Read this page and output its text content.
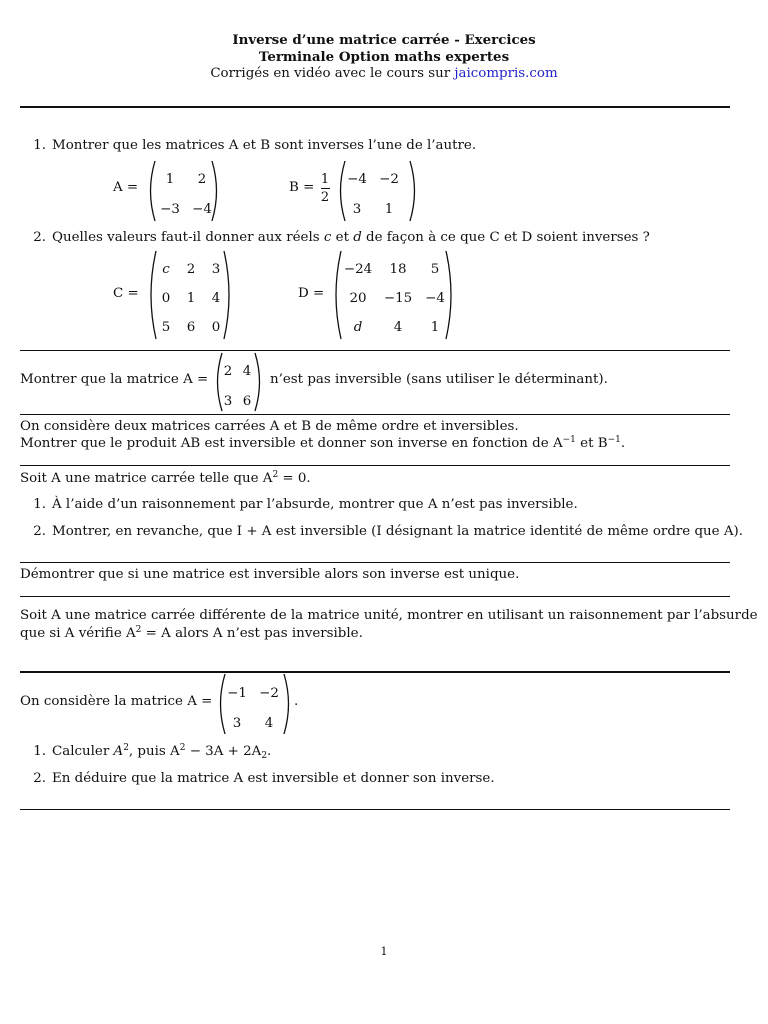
Inverse d’une matrice carrée - Exercices
Terminale Option maths expertes
Corrigés en vidéo avec le cours sur jaicompris.com
1. Montrer que les matrices A et B sont inverses l’une de l’autre.
A =
1	2
−3 −4
B =
1
2
−4 −2
3	1
2. Quelles valeurs faut-il donner aux réels c et d de façon à ce que C et D soient inverses ?
C =
c	2	3
0	1	4
5	6	0
D =
−24	18	5
20	−15 −4
d	4	1
Montrer que la matrice A =
2 4
3 6
n’est pas inversible (sans utiliser le déterminant).
On considère deux matrices carrées A et B de même ordre et inversibles.
Montrer que le produit AB est inversible et donner son inverse en fonction de $A^{-1}$ et $B^{-1}$.
Soit A une matrice carrée telle que $A^2 = 0$.
1. À l’aide d’un raisonnement par l’absurde, montrer que A n’est pas inversible.
2. Montrer, en revanche, que I + A est inversible (I désignant la matrice identité de même ordre que A).
Démontrer que si une matrice est inversible alors son inverse est unique.
Soit A une matrice carrée différente de la matrice unité, montrer en utilisant un raisonnement par l’absurde
que si A vérifie $A^2 = A$ alors A n’est pas inversible.
On considère la matrice A =
−1 −2
3	4
.
1. Calculer $A^2$, puis $A^2 - 3A + 2A_2$.
2. En déduire que la matrice A est inversible et donner son inverse.
1
